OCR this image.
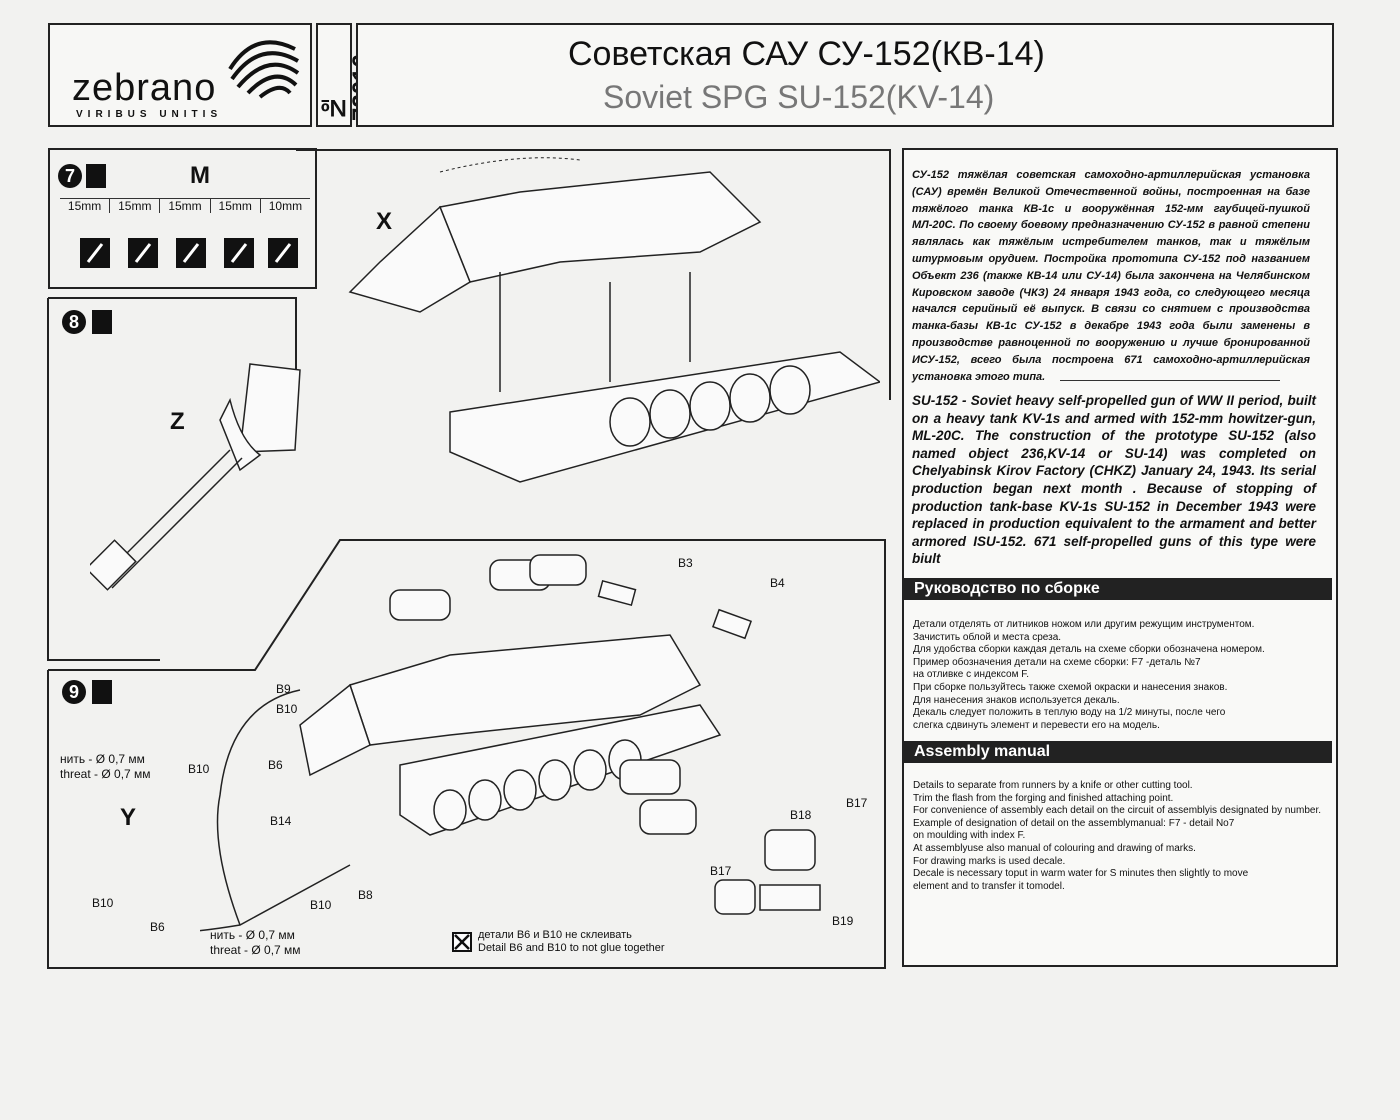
zebrano
VIRIBUS UNITIS	№
Советская САУ СУ-152(КВ-14)
Soviet SPG SU-152(KV-14)
7	M
15mm	15mm	15mm	15mm	10mm
8
Z
X
9
Y
нить - Ø 0,7 мм
threat - Ø 0,7 мм
нить - Ø 0,7 мм
threat - Ø 0,7 мм
B3
B4
B9
B10
B10	B6
B14
B8
B10
B10
B6
B17
B18
B17
B19
детали B6 и B10 не склеивать
Detail B6 and B10 to not glue together
СУ-152 тяжёлая советская самоходно-артиллерийская установка (САУ) времён Великой Отечественной войны, построенная на базе тяжёлого танка КВ-1с и вооружённая 152-мм гаубицей-пушкой МЛ-20С. По своему боевому предназначению СУ-152 в равной степени являлась как тяжёлым истребителем танков, так и тяжёлым штурмовым орудием. Постройка прототипа СУ-152 под названием Объект 236 (также КВ-14 или СУ-14) была закончена на Челябинском Кировском заводе (ЧКЗ) 24 января 1943 года, со следующего месяца начался серийный её выпуск. В связи со снятием с производства танка-базы КВ-1с СУ-152 в декабре 1943 года были заменены в производстве равноценной по вооружению и лучше бронированной ИСУ-152, всего была построена 671 самоходно-артиллерийская установка этого типа.
SU-152 - Soviet heavy self-propelled gun of WW II period, built on a heavy tank KV-1s and armed with 152-mm howitzer-gun, ML-20C. The construction of the prototype SU-152 (also named object 236,KV-14 or SU-14) was completed on Chelyabinsk Kirov Factory (CHKZ) January 24, 1943. Its serial production began next month . Because of stopping of production tank-base KV-1s SU-152 in December 1943 were replaced in production equivalent to the armament and better armored ISU-152. 671 self-propelled guns of this type were biult
Руководство по сборке
Детали отделять от литников ножом или другим режущим инструментом.
Зачистить облой и места среза.
Для удобства сборки каждая деталь на схеме сборки обозначена номером.
Пример обозначения детали на схеме сборки: F7 -деталь №7
на отливке с индексом F.
При сборке пользуйтесь также схемой окраски и нанесения знаков.
Для нанесения знаков используется декаль.
Декаль следует положить в теплую воду на 1/2 минуты, после чего
слегка сдвинуть элемент и перевести его на модель.
Assembly manual
Details to separate from runners by a knife or other cutting tool.
Trim the flash from the forging and finished attaching point.
For convenience of assembly each detail on the circuit of assemblyis designated by number.
Example of designation of detail on the assemblymanual: F7 - detail No7
on moulding with index F.
At assemblyuse also manual of colouring and drawing of marks.
For drawing marks is used decale.
Decale is necessary toput in warm water for S minutes then slightly to move
element and to transfer it tomodel.
